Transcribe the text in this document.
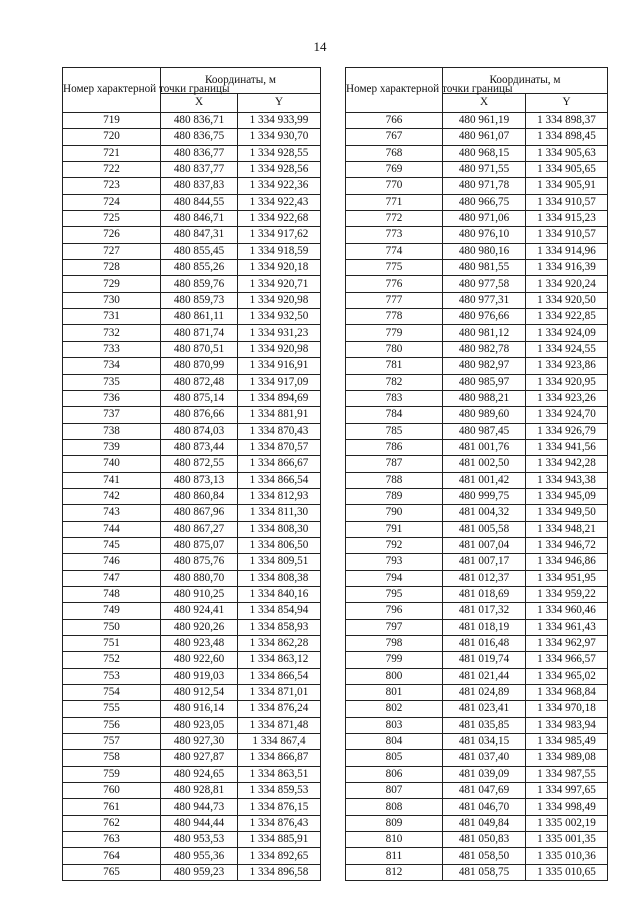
14
Номер характерной точки границы	Координаты, м	
	X	Y
719	480 836,71	1 334 933,99
720	480 836,75	1 334 930,70
721	480 836,77	1 334 928,55
722	480 837,77	1 334 928,56
723	480 837,83	1 334 922,36
724	480 844,55	1 334 922,43
725	480 846,71	1 334 922,68
726	480 847,31	1 334 917,62
727	480 855,45	1 334 918,59
728	480 855,26	1 334 920,18
729	480 859,76	1 334 920,71
730	480 859,73	1 334 920,98
731	480 861,11	1 334 932,50
732	480 871,74	1 334 931,23
733	480 870,51	1 334 920,98
734	480 870,99	1 334 916,91
735	480 872,48	1 334 917,09
736	480 875,14	1 334 894,69
737	480 876,66	1 334 881,91
738	480 874,03	1 334 870,43
739	480 873,44	1 334 870,57
740	480 872,55	1 334 866,67
741	480 873,13	1 334 866,54
742	480 860,84	1 334 812,93
743	480 867,96	1 334 811,30
744	480 867,27	1 334 808,30
745	480 875,07	1 334 806,50
746	480 875,76	1 334 809,51
747	480 880,70	1 334 808,38
748	480 910,25	1 334 840,16
749	480 924,41	1 334 854,94
750	480 920,26	1 334 858,93
751	480 923,48	1 334 862,28
752	480 922,60	1 334 863,12
753	480 919,03	1 334 866,54
754	480 912,54	1 334 871,01
755	480 916,14	1 334 876,24
756	480 923,05	1 334 871,48
757	480 927,30	1 334 867,4
758	480 927,87	1 334 866,87
759	480 924,65	1 334 863,51
760	480 928,81	1 334 859,53
761	480 944,73	1 334 876,15
762	480 944,44	1 334 876,43
763	480 953,53	1 334 885,91
764	480 955,36	1 334 892,65
765	480 959,23	1 334 896,58
Номер характерной точки границы	Координаты, м	
	X	Y
766	480 961,19	1 334 898,37
767	480 961,07	1 334 898,45
768	480 968,15	1 334 905,63
769	480 971,55	1 334 905,65
770	480 971,78	1 334 905,91
771	480 966,75	1 334 910,57
772	480 971,06	1 334 915,23
773	480 976,10	1 334 910,57
774	480 980,16	1 334 914,96
775	480 981,55	1 334 916,39
776	480 977,58	1 334 920,24
777	480 977,31	1 334 920,50
778	480 976,66	1 334 922,85
779	480 981,12	1 334 924,09
780	480 982,78	1 334 924,55
781	480 982,97	1 334 923,86
782	480 985,97	1 334 920,95
783	480 988,21	1 334 923,26
784	480 989,60	1 334 924,70
785	480 987,45	1 334 926,79
786	481 001,76	1 334 941,56
787	481 002,50	1 334 942,28
788	481 001,42	1 334 943,38
789	480 999,75	1 334 945,09
790	481 004,32	1 334 949,50
791	481 005,58	1 334 948,21
792	481 007,04	1 334 946,72
793	481 007,17	1 334 946,86
794	481 012,37	1 334 951,95
795	481 018,69	1 334 959,22
796	481 017,32	1 334 960,46
797	481 018,19	1 334 961,43
798	481 016,48	1 334 962,97
799	481 019,74	1 334 966,57
800	481 021,44	1 334 965,02
801	481 024,89	1 334 968,84
802	481 023,41	1 334 970,18
803	481 035,85	1 334 983,94
804	481 034,15	1 334 985,49
805	481 037,40	1 334 989,08
806	481 039,09	1 334 987,55
807	481 047,69	1 334 997,65
808	481 046,70	1 334 998,49
809	481 049,84	1 335 002,19
810	481 050,83	1 335 001,35
811	481 058,50	1 335 010,36
812	481 058,75	1 335 010,65
